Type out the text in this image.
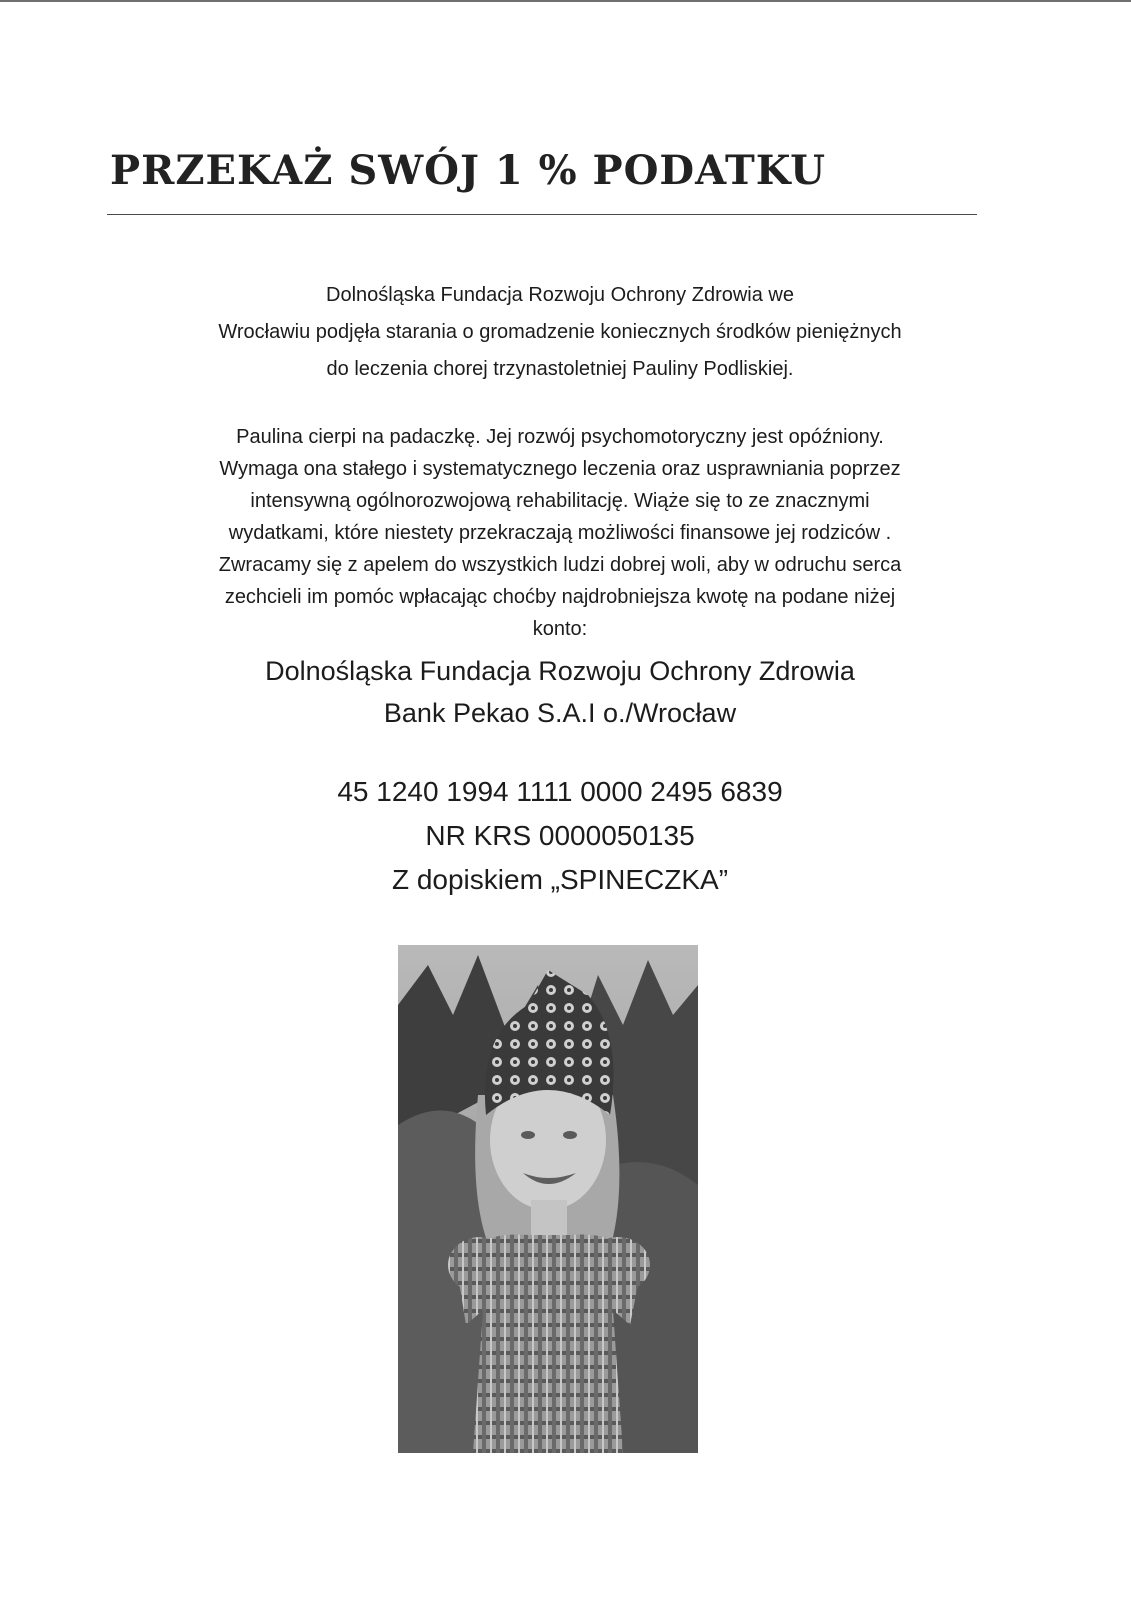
PRZEKAŻ SWÓJ 1 % PODATKU
Dolnośląska Fundacja Rozwoju Ochrony Zdrowia we
Wrocławiu podjęła starania o gromadzenie koniecznych środków pieniężnych
do leczenia chorej trzynastoletniej Pauliny Podliskiej.
Paulina cierpi na padaczkę. Jej rozwój psychomotoryczny jest opóźniony.
Wymaga ona stałego i systematycznego leczenia oraz usprawniania poprzez
intensywną ogólnorozwojową rehabilitację. Wiąże się to ze znacznymi
wydatkami, które niestety przekraczają możliwości finansowe jej rodziców .
Zwracamy się z apelem do wszystkich ludzi dobrej woli, aby w odruchu serca
zechcieli im pomóc wpłacając choćby najdrobniejsza kwotę na podane niżej
konto:
Dolnośląska Fundacja Rozwoju Ochrony Zdrowia
Bank Pekao S.A.I o./Wrocław
45 1240 1994 1111 0000 2495 6839
NR KRS 0000050135
Z dopiskiem „SPINECZKA”
